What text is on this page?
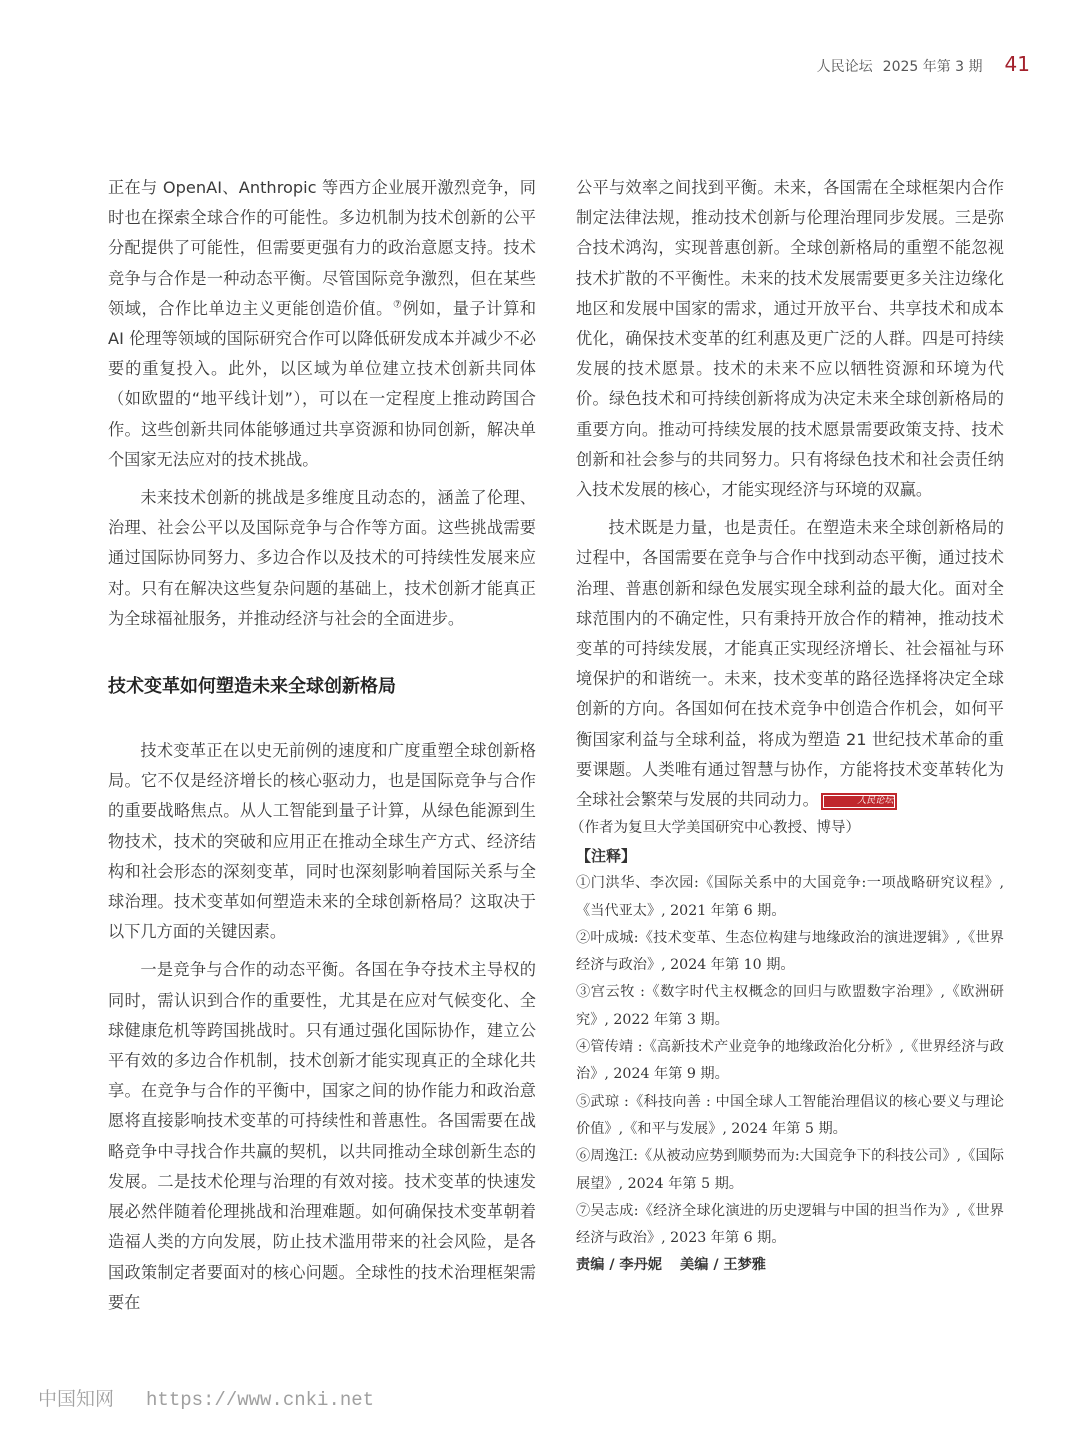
人民论坛 2025 年第 3 期 41

正在与 OpenAI、Anthropic 等西方企业展开激烈竞争，同时也在探索全球合作的可能性。多边机制为技术创新的公平分配提供了可能性，但需要更强有力的政治意愿支持。技术竞争与合作是一种动态平衡。尽管国际竞争激烈，但在某些领域，合作比单边主义更能创造价值。⑦例如，量子计算和 AI 伦理等领域的国际研究合作可以降低研发成本并减少不必要的重复投入。此外，以区域为单位建立技术创新共同体（如欧盟的“地平线计划”），可以在一定程度上推动跨国合作。这些创新共同体能够通过共享资源和协同创新，解决单个国家无法应对的技术挑战。

未来技术创新的挑战是多维度且动态的，涵盖了伦理、治理、社会公平以及国际竞争与合作等方面。这些挑战需要通过国际协同努力、多边合作以及技术的可持续性发展来应对。只有在解决这些复杂问题的基础上，技术创新才能真正为全球福祉服务，并推动经济与社会的全面进步。

技术变革如何塑造未来全球创新格局

技术变革正在以史无前例的速度和广度重塑全球创新格局。它不仅是经济增长的核心驱动力，也是国际竞争与合作的重要战略焦点。从人工智能到量子计算，从绿色能源到生物技术，技术的突破和应用正在推动全球生产方式、经济结构和社会形态的深刻变革，同时也深刻影响着国际关系与全球治理。技术变革如何塑造未来的全球创新格局？这取决于以下几方面的关键因素。

一是竞争与合作的动态平衡。各国在争夺技术主导权的同时，需认识到合作的重要性，尤其是在应对气候变化、全球健康危机等跨国挑战时。只有通过强化国际协作，建立公平有效的多边合作机制，技术创新才能实现真正的全球化共享。在竞争与合作的平衡中，国家之间的协作能力和政治意愿将直接影响技术变革的可持续性和普惠性。各国需要在战略竞争中寻找合作共赢的契机，以共同推动全球创新生态的发展。二是技术伦理与治理的有效对接。技术变革的快速发展必然伴随着伦理挑战和治理难题。如何确保技术变革朝着造福人类的方向发展，防止技术滥用带来的社会风险，是各国政策制定者要面对的核心问题。全球性的技术治理框架需要在

公平与效率之间找到平衡。未来，各国需在全球框架内合作制定法律法规，推动技术创新与伦理治理同步发展。三是弥合技术鸿沟，实现普惠创新。全球创新格局的重塑不能忽视技术扩散的不平衡性。未来的技术发展需要更多关注边缘化地区和发展中国家的需求，通过开放平台、共享技术和成本优化，确保技术变革的红利惠及更广泛的人群。四是可持续发展的技术愿景。技术的未来不应以牺牲资源和环境为代价。绿色技术和可持续创新将成为决定未来全球创新格局的重要方向。推动可持续发展的技术愿景需要政策支持、技术创新和社会参与的共同努力。只有将绿色技术和社会责任纳入技术发展的核心，才能实现经济与环境的双赢。

技术既是力量，也是责任。在塑造未来全球创新格局的过程中，各国需要在竞争与合作中找到动态平衡，通过技术治理、普惠创新和绿色发展实现全球利益的最大化。面对全球范围内的不确定性，只有秉持开放合作的精神，推动技术变革的可持续发展，才能真正实现经济增长、社会福祉与环境保护的和谐统一。未来，技术变革的路径选择将决定全球创新的方向。各国如何在技术竞争中创造合作机会，如何平衡国家利益与全球利益，将成为塑造 21 世纪技术革命的重要课题。人类唯有通过智慧与协作，方能将技术变革转化为全球社会繁荣与发展的共同动力。	人民论坛

（作者为复旦大学美国研究中心教授、博导）
【注释】
①门洪华、李次园:《国际关系中的大国竞争:一项战略研究议程》,《当代亚太》, 2021 年第 6 期。
②叶成城:《技术变革、生态位构建与地缘政治的演进逻辑》,《世界经济与政治》, 2024 年第 10 期。
③宫云牧 :《数字时代主权概念的回归与欧盟数字治理》,《欧洲研究》, 2022 年第 3 期。
④管传靖 :《高新技术产业竞争的地缘政治化分析》,《世界经济与政治》, 2024 年第 9 期。
⑤武琼 :《科技向善 : 中国全球人工智能治理倡议的核心要义与理论价值》,《和平与发展》, 2024 年第 5 期。
⑥周逸江:《从被动应势到顺势而为:大国竞争下的科技公司》,《国际展望》, 2024 年第 5 期。
⑦吴志成:《经济全球化演进的历史逻辑与中国的担当作为》,《世界经济与政治》, 2023 年第 6 期。
责编 / 李丹妮 美编 / 王梦雅
中国知网 https://www.cnki.net
